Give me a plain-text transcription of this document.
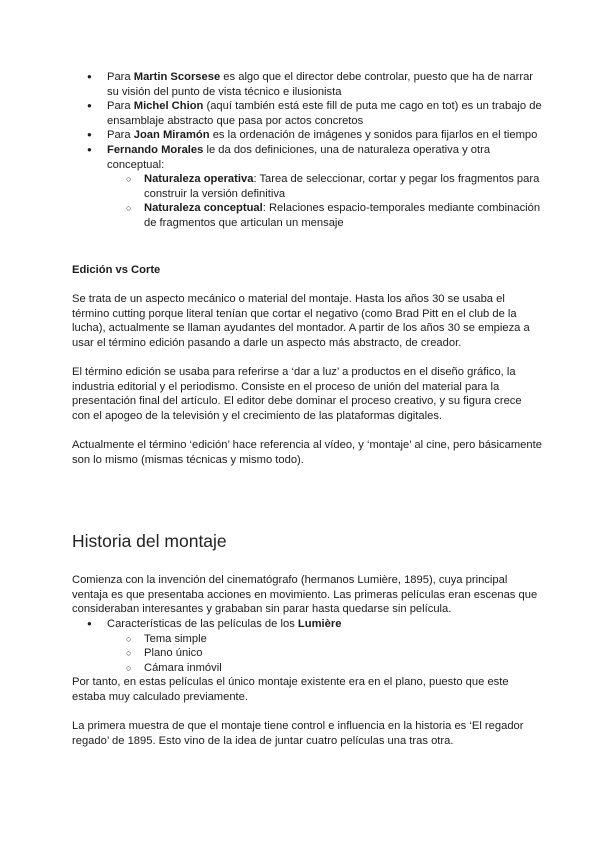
● Para Martin Scorsese es algo que el director debe controlar, puesto que ha de narrar su visión del punto de vista técnico e ilusionista
● Para Michel Chion (aquí también está este fill de puta me cago en tot) es un trabajo de ensamblaje abstracto que pasa por actos concretos
● Para Joan Miramón es la ordenación de imágenes y sonidos para fijarlos en el tiempo
● Fernando Morales le da dos definiciones, una de naturaleza operativa y otra conceptual:
○ Naturaleza operativa: Tarea de seleccionar, cortar y pegar los fragmentos para construir la versión definitiva
○ Naturaleza conceptual: Relaciones espacio-temporales mediante combinación de fragmentos que articulan un mensaje
Edición vs Corte

Se trata de un aspecto mecánico o material del montaje. Hasta los años 30 se usaba el término cutting porque literal tenían que cortar el negativo (como Brad Pitt en el club de la lucha), actualmente se llaman ayudantes del montador. A partir de los años 30 se empieza a usar el término edición pasando a darle un aspecto más abstracto, de creador.

El término edición se usaba para referirse a ‘dar a luz’ a productos en el diseño gráfico, la industria editorial y el periodismo. Consiste en el proceso de unión del material para la presentación final del artículo. El editor debe dominar el proceso creativo, y su figura crece con el apogeo de la televisión y el crecimiento de las plataformas digitales.

Actualmente el término ‘edición’ hace referencia al vídeo, y ‘montaje’ al cine, pero básicamente son lo mismo (mismas técnicas y mismo todo).

Historia del montaje

Comienza con la invención del cinematógrafo (hermanos Lumière, 1895), cuya principal ventaja es que presentaba acciones en movimiento. Las primeras películas eran escenas que consideraban interesantes y grababan sin parar hasta quedarse sin película.

● Características de las películas de los Lumière
○ Tema simple
○ Plano único
○ Cámara inmóvil

Por tanto, en estas películas el único montaje existente era en el plano, puesto que este estaba muy calculado previamente.

La primera muestra de que el montaje tiene control e influencia en la historia es ‘El regador regado’ de 1895. Esto vino de la idea de juntar cuatro películas una tras otra.
